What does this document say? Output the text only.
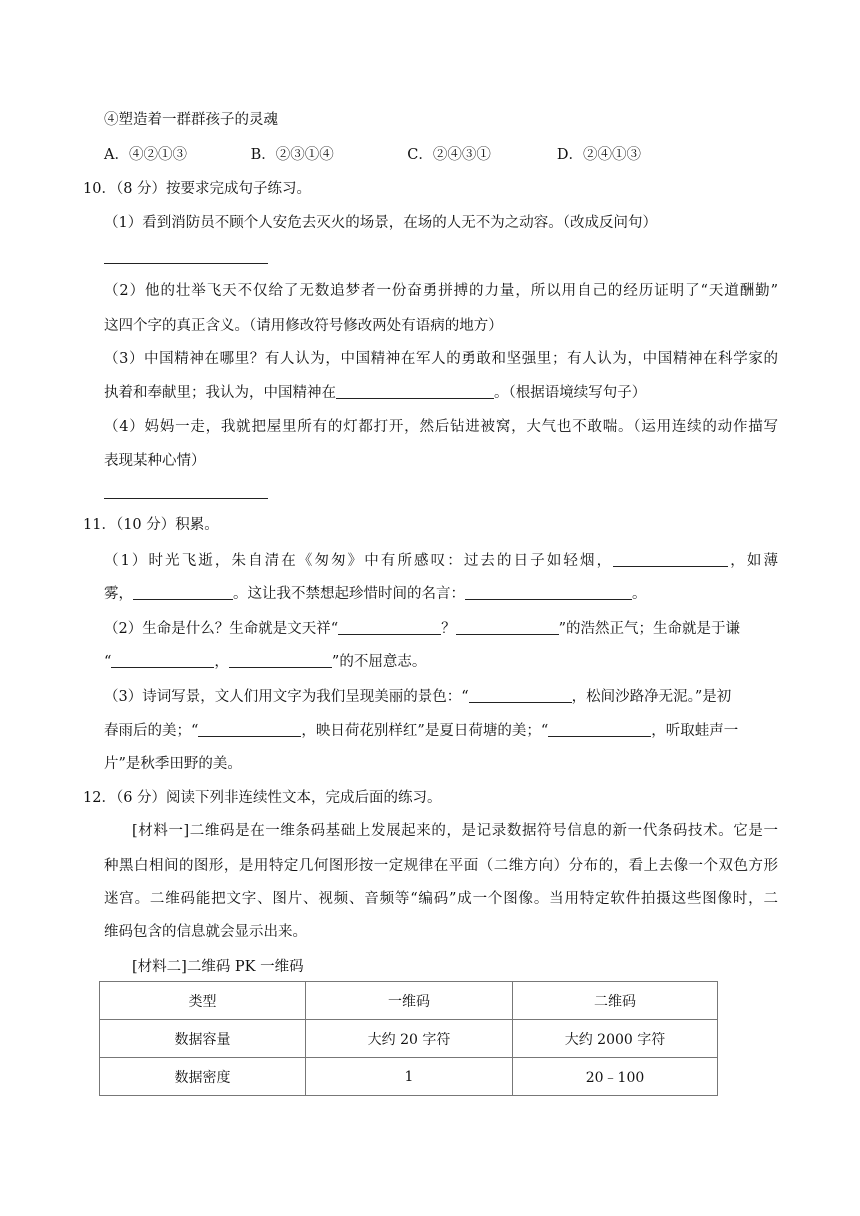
④塑造着一群群孩子的灵魂
A．④②①③	B．②③①④	C．②④③①	D．②④①③
10．（8 分）按要求完成句子练习。
（1）看到消防员不顾个人安危去灭火的场景，在场的人无不为之动容。（改成反问句）
（2）他的壮举飞天不仅给了无数追梦者一份奋勇拼搏的力量，所以用自己的经历证明了“天道酬勤”
这四个字的真正含义。（请用修改符号修改两处有语病的地方）
（3）中国精神在哪里？有人认为，中国精神在军人的勇敢和坚强里；有人认为，中国精神在科学家的
执着和奉献里；我认为，中国精神在	。（根据语境续写句子）
（4）妈妈一走，我就把屋里所有的灯都打开，然后钻进被窝，大气也不敢喘。（运用连续的动作描写
表现某种心情）
11．（10 分）积累。
（1）时光飞逝，朱自清在《匆匆》中有所感叹：过去的日子如轻烟，	，如薄
雾，	。这让我不禁想起珍惜时间的名言：	。
（2）生命是什么？生命就是文天祥“	？	”的浩然正气；生命就是于谦
“	，	”的不屈意志。
（3）诗词写景，文人们用文字为我们呈现美丽的景色：“	，松间沙路净无泥。”是初
春雨后的美；“	，映日荷花别样红”是夏日荷塘的美；“	，听取蛙声一
片”是秋季田野的美。
12．（6 分）阅读下列非连续性文本，完成后面的练习。
[材料一]二维码是在一维条码基础上发展起来的，是记录数据符号信息的新一代条码技术。它是一
种黑白相间的图形，是用特定几何图形按一定规律在平面（二维方向）分布的，看上去像一个双色方形
迷宫。二维码能把文字、图片、视频、音频等“编码”成一个图像。当用特定软件拍摄这些图像时，二
维码包含的信息就会显示出来。
[材料二]二维码 PK 一维码
类型	一维码	二维码
数据容量	大约 20 字符	大约 2000 字符
数据密度	1	20﹣100
